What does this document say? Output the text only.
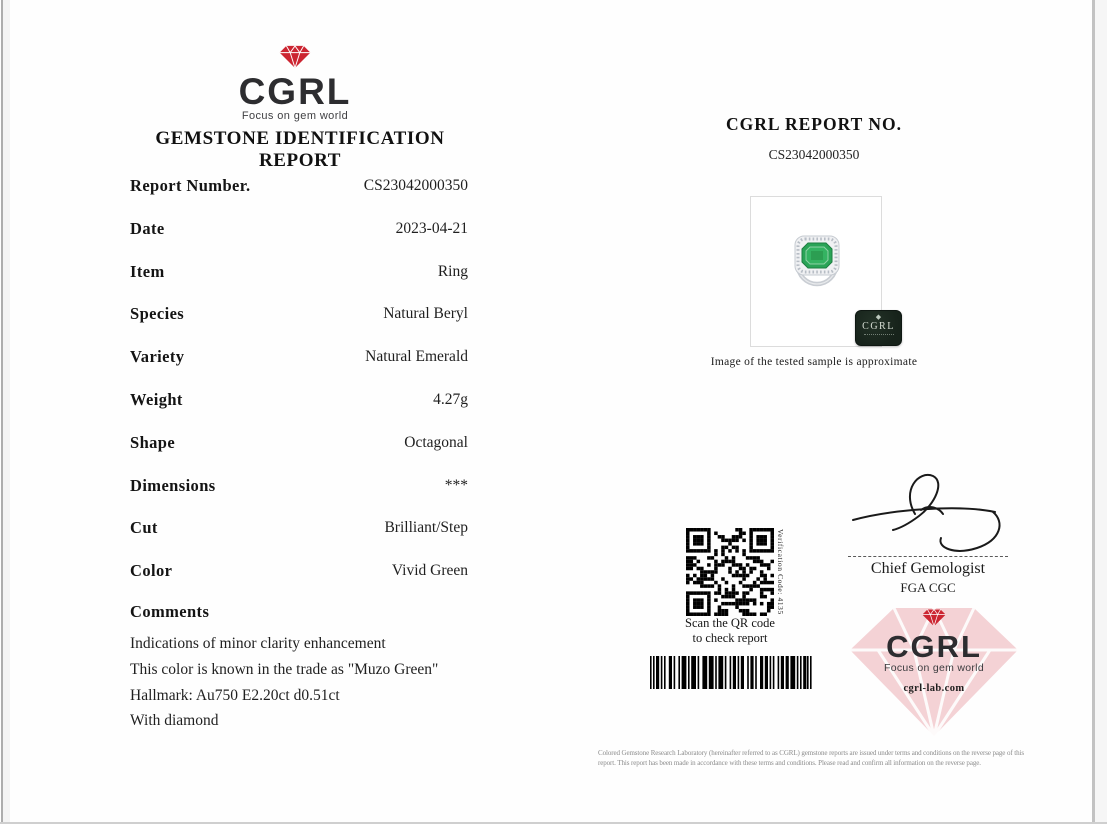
CGRL
Focus on gem world
GEMSTONE IDENTIFICATION REPORT
Report Number.	CS23042000350
Date	2023-04-21
Item	Ring
Species	Natural Beryl
Variety	Natural Emerald
Weight	4.27g
Shape	Octagonal
Dimensions	***
Cut	Brilliant/Step
Color	Vivid Green
Comments
Indications of minor clarity enhancement
This color is known in the trade as "Muzo Green"
Hallmark: Au750 E2.20ct d0.51ct
With diamond
CGRL REPORT NO.
CS23042000350
◆
CGRL
Image of the tested sample is approximate
Verification Code: 4135
Scan the QR code
to check report
Chief Gemologist
FGA CGC
CGRL
Focus on gem world
cgrl-lab.com
Colored Gemstone Research Laboratory (hereinafter referred to as CGRL) gemstone reports are issued under terms and conditions on the reverse page of this report. This report has been made in accordance with these terms and conditions. Please read and confirm all information on the reverse page.
